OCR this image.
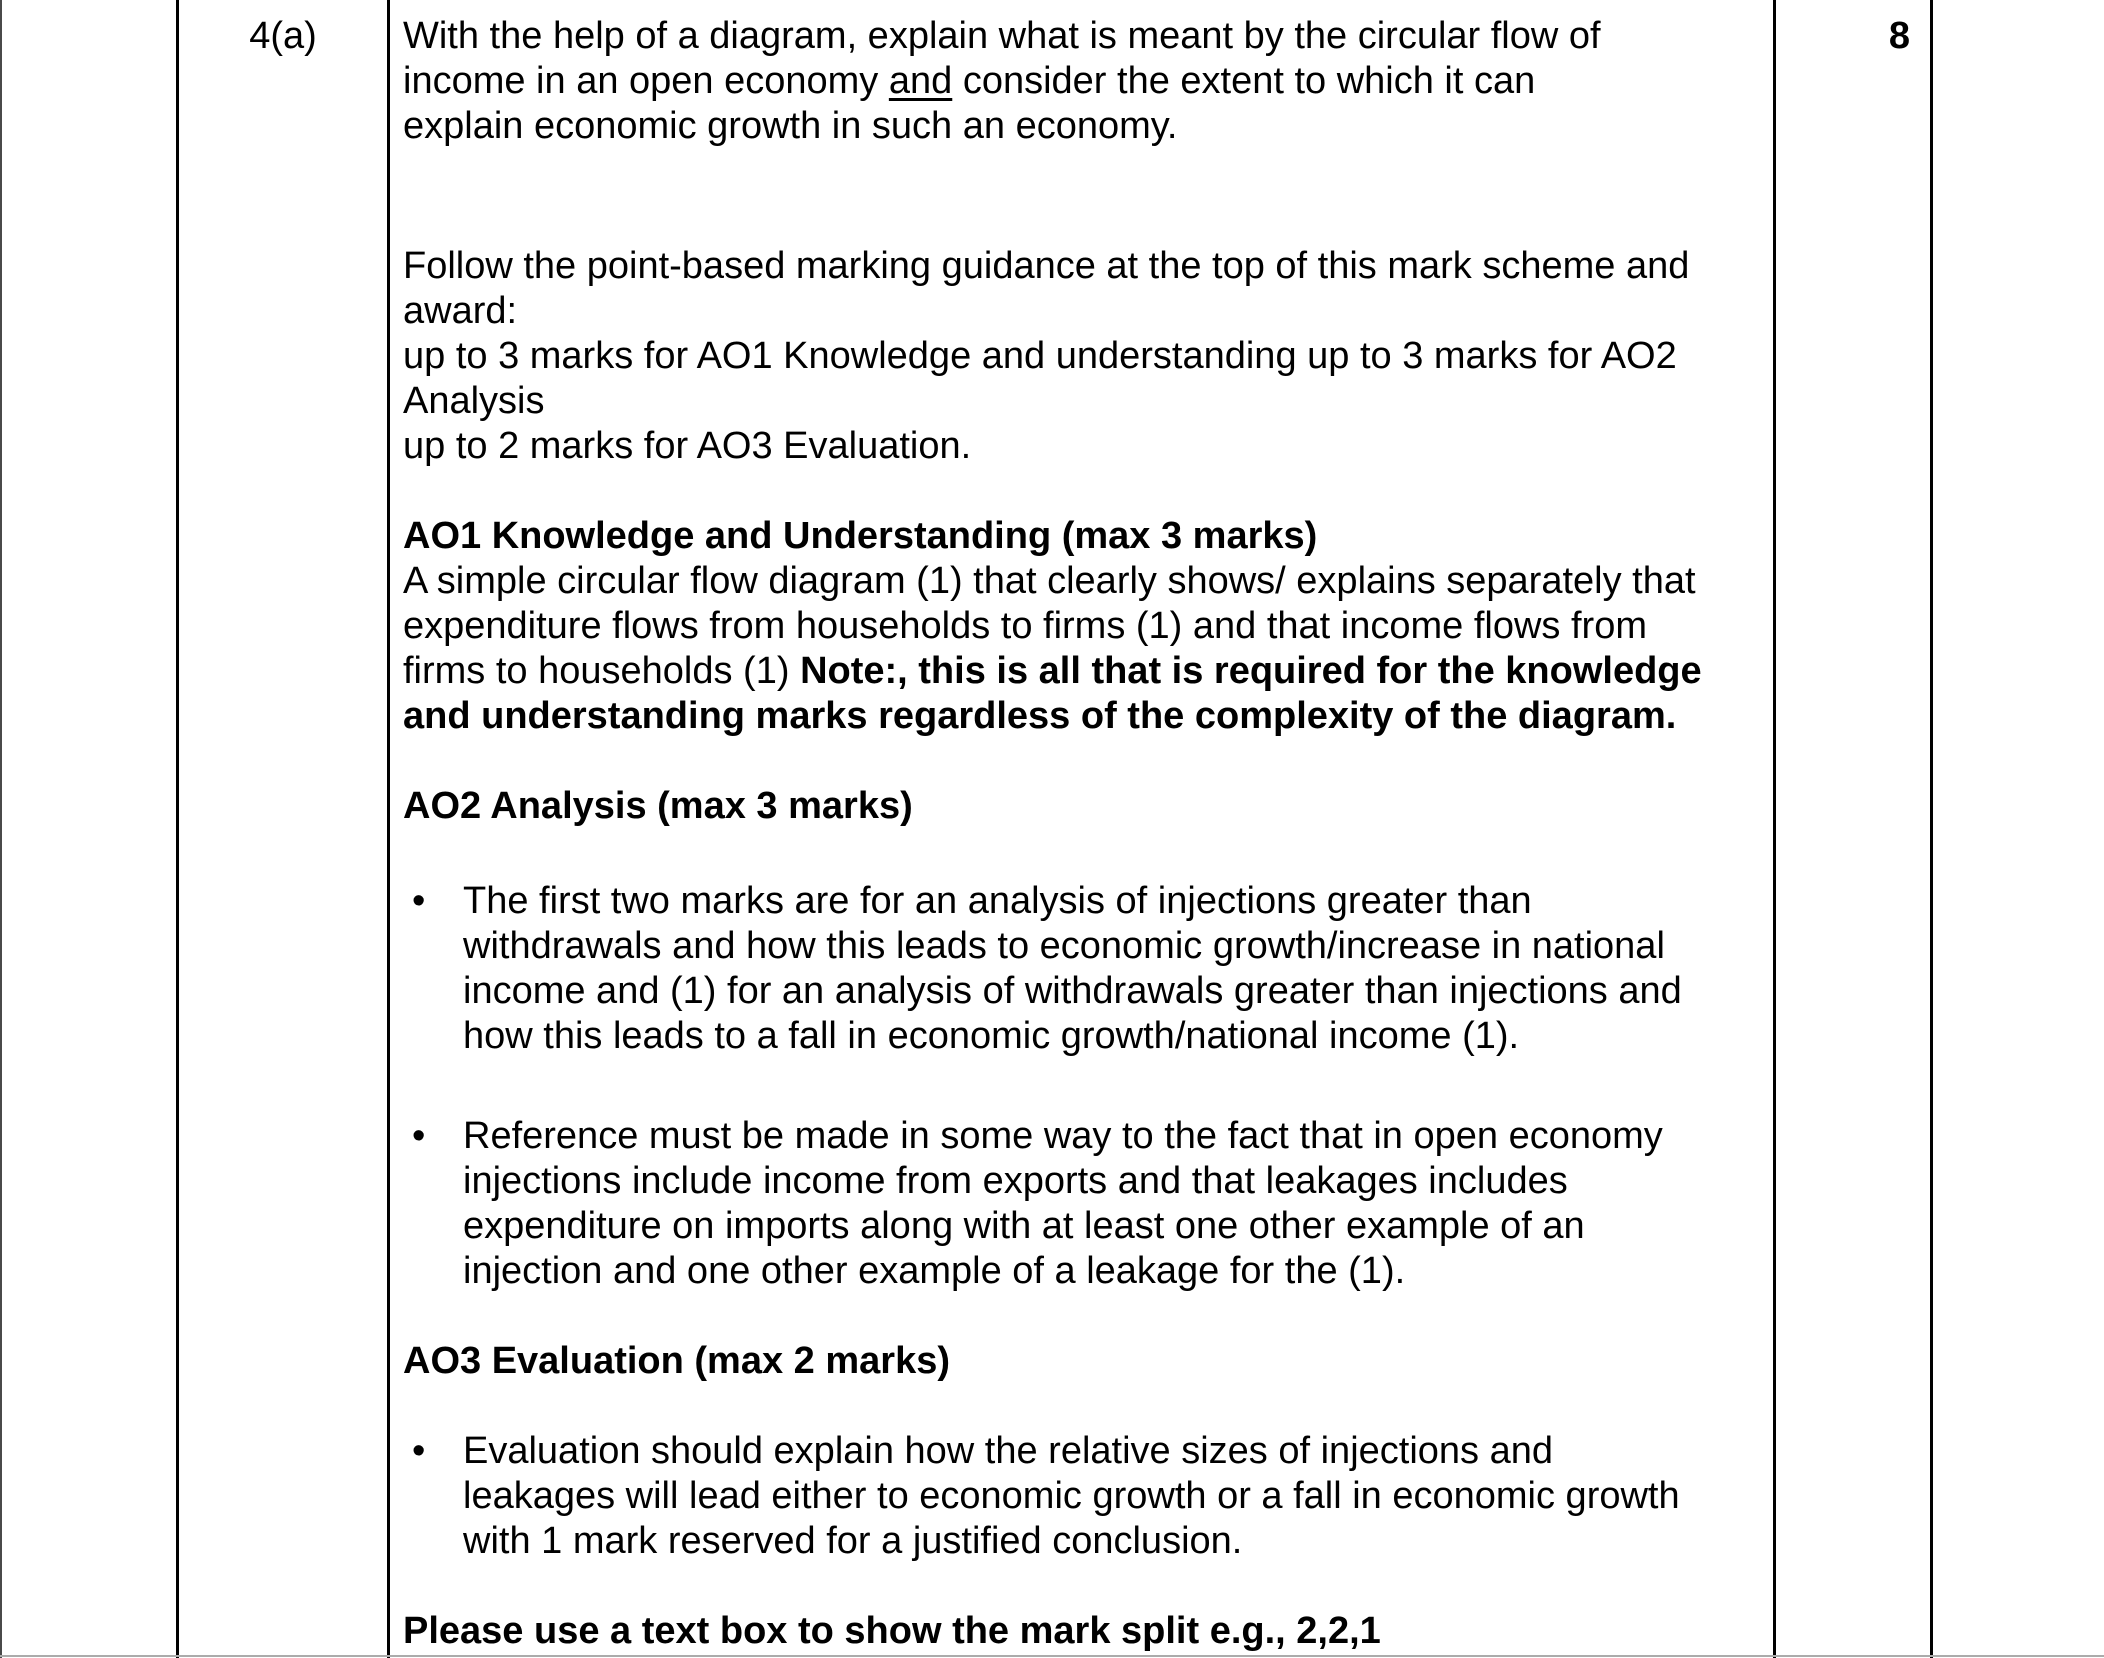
4(a)	With the help of a diagram, explain what is meant by the circular flow of
income in an open economy and consider the extent to which it can
explain economic growth in such an economy.
Follow the point-based marking guidance at the top of this mark scheme and
award:
up to 3 marks for AO1 Knowledge and understanding up to 3 marks for AO2
Analysis
up to 2 marks for AO3 Evaluation.
AO1 Knowledge and Understanding (max 3 marks)
A simple circular flow diagram (1) that clearly shows/ explains separately that
expenditure flows from households to firms (1) and that income flows from
firms to households (1) Note:, this is all that is required for the knowledge
and understanding marks regardless of the complexity of the diagram.
AO2 Analysis (max 3 marks)
• The first two marks are for an analysis of injections greater than
withdrawals and how this leads to economic growth/increase in national
income and (1) for an analysis of withdrawals greater than injections and
how this leads to a fall in economic growth/national income (1).
• Reference must be made in some way to the fact that in open economy
injections include income from exports and that leakages includes
expenditure on imports along with at least one other example of an
injection and one other example of a leakage for the (1).
AO3 Evaluation (max 2 marks)
• Evaluation should explain how the relative sizes of injections and
leakages will lead either to economic growth or a fall in economic growth
with 1 mark reserved for a justified conclusion.
Please use a text box to show the mark split e.g., 2,2,1
8
